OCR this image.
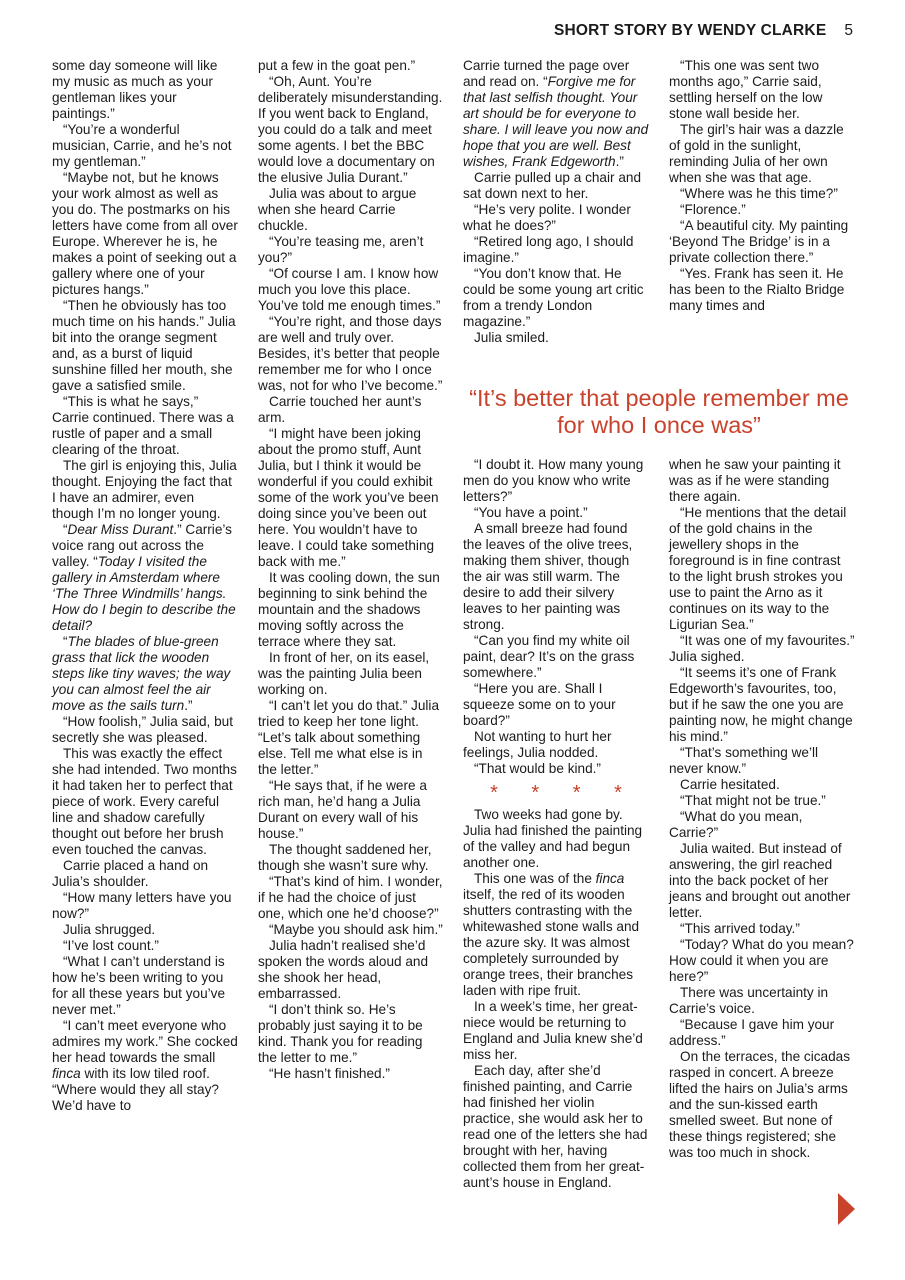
SHORT STORY BY WENDY CLARKE 5

some day someone will like my music as much as your gentleman likes your paintings.”

“You’re a wonderful musician, Carrie, and he’s not my gentleman.”

“Maybe not, but he knows your work almost as well as you do. The postmarks on his letters have come from all over Europe. Wherever he is, he makes a point of seeking out a gallery where one of your pictures hangs.”

“Then he obviously has too much time on his hands.” Julia bit into the orange segment and, as a burst of liquid sunshine filled her mouth, she gave a satisfied smile.

“This is what he says,” Carrie continued. There was a rustle of paper and a small clearing of the throat.

The girl is enjoying this, Julia thought. Enjoying the fact that I have an admirer, even though I’m no longer young.

“Dear Miss Durant.” Carrie’s voice rang out across the valley. “Today I visited the gallery in Amsterdam where ‘The Three Windmills’ hangs. How do I begin to describe the detail?

“The blades of blue-green grass that lick the wooden steps like tiny waves; the way you can almost feel the air move as the sails turn.”

“How foolish,” Julia said, but secretly she was pleased.

This was exactly the effect she had intended. Two months it had taken her to perfect that piece of work. Every careful line and shadow carefully thought out before her brush even touched the canvas.

Carrie placed a hand on Julia’s shoulder.

“How many letters have you now?”

Julia shrugged.

“I’ve lost count.”

“What I can’t understand is how he’s been writing to you for all these years but you’ve never met.”

“I can’t meet everyone who admires my work.” She cocked her head towards the small finca with its low tiled roof. “Where would they all stay? We’d have to

put a few in the goat pen.”

“Oh, Aunt. You’re deliberately misunderstanding. If you went back to England, you could do a talk and meet some agents. I bet the BBC would love a documentary on the elusive Julia Durant.”

Julia was about to argue when she heard Carrie chuckle.

“You’re teasing me, aren’t you?”

“Of course I am. I know how much you love this place. You’ve told me enough times.”

“You’re right, and those days are well and truly over. Besides, it’s better that people remember me for who I once was, not for who I’ve become.”

Carrie touched her aunt’s arm.

“I might have been joking about the promo stuff, Aunt Julia, but I think it would be wonderful if you could exhibit some of the work you’ve been doing since you’ve been out here. You wouldn’t have to leave. I could take something back with me.”

It was cooling down, the sun beginning to sink behind the mountain and the shadows moving softly across the terrace where they sat.

In front of her, on its easel, was the painting Julia been working on.

“I can’t let you do that.” Julia tried to keep her tone light. “Let’s talk about something else. Tell me what else is in the letter.”

“He says that, if he were a rich man, he’d hang a Julia Durant on every wall of his house.”

The thought saddened her, though she wasn’t sure why.

“That’s kind of him. I wonder, if he had the choice of just one, which one he’d choose?”

“Maybe you should ask him.”

Julia hadn’t realised she’d spoken the words aloud and she shook her head, embarrassed.

“I don’t think so. He’s probably just saying it to be kind. Thank you for reading the letter to me.”

“He hasn’t finished.”

Carrie turned the page over and read on. “Forgive me for that last selfish thought. Your art should be for everyone to share. I will leave you now and hope that you are well. Best wishes, Frank Edgeworth.”

Carrie pulled up a chair and sat down next to her.

“He’s very polite. I wonder what he does?”

“Retired long ago, I should imagine.”

“You don’t know that. He could be some young art critic from a trendy London magazine.”

Julia smiled.

“This one was sent two months ago,” Carrie said, settling herself on the low stone wall beside her.

The girl’s hair was a dazzle of gold in the sunlight, reminding Julia of her own when she was that age.

“Where was he this time?”

“Florence.”

“A beautiful city. My painting ‘Beyond The Bridge’ is in a private collection there.”

“Yes. Frank has seen it. He has been to the Rialto Bridge many times and

“It’s better that people remember me for who I once was”

“I doubt it. How many young men do you know who write letters?”

“You have a point.”

A small breeze had found the leaves of the olive trees, making them shiver, though the air was still warm. The desire to add their silvery leaves to her painting was strong.

“Can you find my white oil paint, dear? It’s on the grass somewhere.”

“Here you are. Shall I squeeze some on to your board?”

Not wanting to hurt her feelings, Julia nodded.

“That would be kind.”

* * * *

Two weeks had gone by. Julia had finished the painting of the valley and had begun another one.

This one was of the finca itself, the red of its wooden shutters contrasting with the whitewashed stone walls and the azure sky. It was almost completely surrounded by orange trees, their branches laden with ripe fruit.

In a week’s time, her great-niece would be returning to England and Julia knew she’d miss her.

Each day, after she’d finished painting, and Carrie had finished her violin practice, she would ask her to read one of the letters she had brought with her, having collected them from her great-aunt’s house in England.

when he saw your painting it was as if he were standing there again.

“He mentions that the detail of the gold chains in the jewellery shops in the foreground is in fine contrast to the light brush strokes you use to paint the Arno as it continues on its way to the Ligurian Sea.”

“It was one of my favourites.” Julia sighed.

“It seems it’s one of Frank Edgeworth’s favourites, too, but if he saw the one you are painting now, he might change his mind.”

“That’s something we’ll never know.”

Carrie hesitated.

“That might not be true.”

“What do you mean, Carrie?”

Julia waited. But instead of answering, the girl reached into the back pocket of her jeans and brought out another letter.

“This arrived today.”

“Today? What do you mean? How could it when you are here?”

There was uncertainty in Carrie’s voice.

“Because I gave him your address.”

On the terraces, the cicadas rasped in concert. A breeze lifted the hairs on Julia’s arms and the sun-kissed earth smelled sweet. But none of these things registered; she was too much in shock.
